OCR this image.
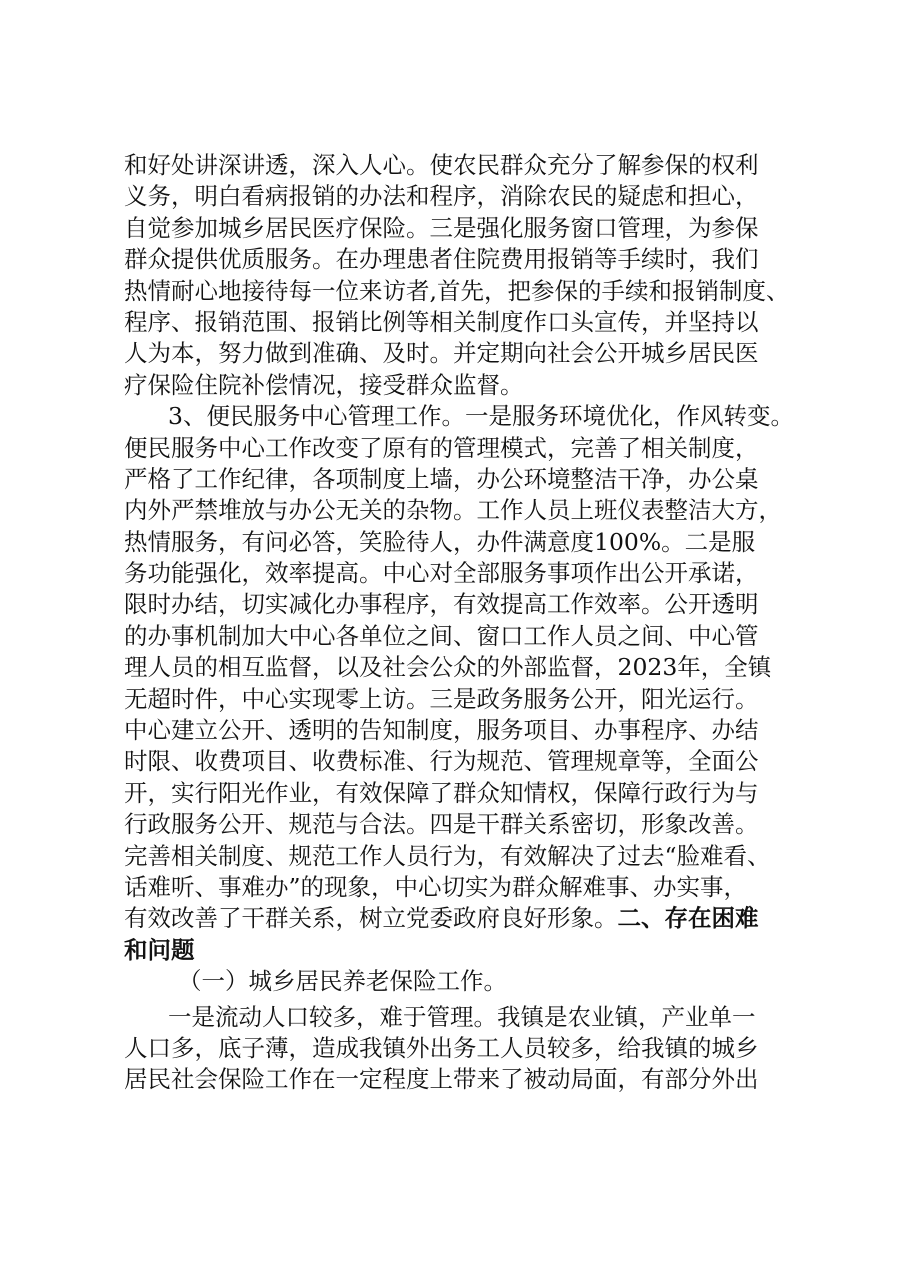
和好处讲深讲透，深入人心。使农民群众充分了解参保的权利
义务，明白看病报销的办法和程序，消除农民的疑虑和担心，
自觉参加城乡居民医疗保险。三是强化服务窗口管理，为参保
群众提供优质服务。在办理患者住院费用报销等手续时，我们
热情耐心地接待每一位来访者,首先，把参保的手续和报销制度、
程序、报销范围、报销比例等相关制度作口头宣传，并坚持以
人为本，努力做到准确、及时。并定期向社会公开城乡居民医
疗保险住院补偿情况，接受群众监督。
3、便民服务中心管理工作。一是服务环境优化，作风转变。
便民服务中心工作改变了原有的管理模式，完善了相关制度，
严格了工作纪律，各项制度上墙，办公环境整洁干净，办公桌
内外严禁堆放与办公无关的杂物。工作人员上班仪表整洁大方，
热情服务，有问必答，笑脸待人，办件满意度100%。二是服
务功能强化，效率提高。中心对全部服务事项作出公开承诺，
限时办结，切实减化办事程序，有效提高工作效率。公开透明
的办事机制加大中心各单位之间、窗口工作人员之间、中心管
理人员的相互监督，以及社会公众的外部监督，2023年，全镇
无超时件，中心实现零上访。三是政务服务公开，阳光运行。
中心建立公开、透明的告知制度，服务项目、办事程序、办结
时限、收费项目、收费标准、行为规范、管理规章等，全面公
开，实行阳光作业，有效保障了群众知情权，保障行政行为与
行政服务公开、规范与合法。四是干群关系密切，形象改善。
完善相关制度、规范工作人员行为，有效解决了过去“脸难看、
话难听、事难办”的现象，中心切实为群众解难事、办实事，
有效改善了干群关系，树立党委政府良好形象。二、存在困难
和问题
（一）城乡居民养老保险工作。
一是流动人口较多，难于管理。我镇是农业镇，产业单一
人口多，底子薄，造成我镇外出务工人员较多，给我镇的城乡
居民社会保险工作在一定程度上带来了被动局面，有部分外出
